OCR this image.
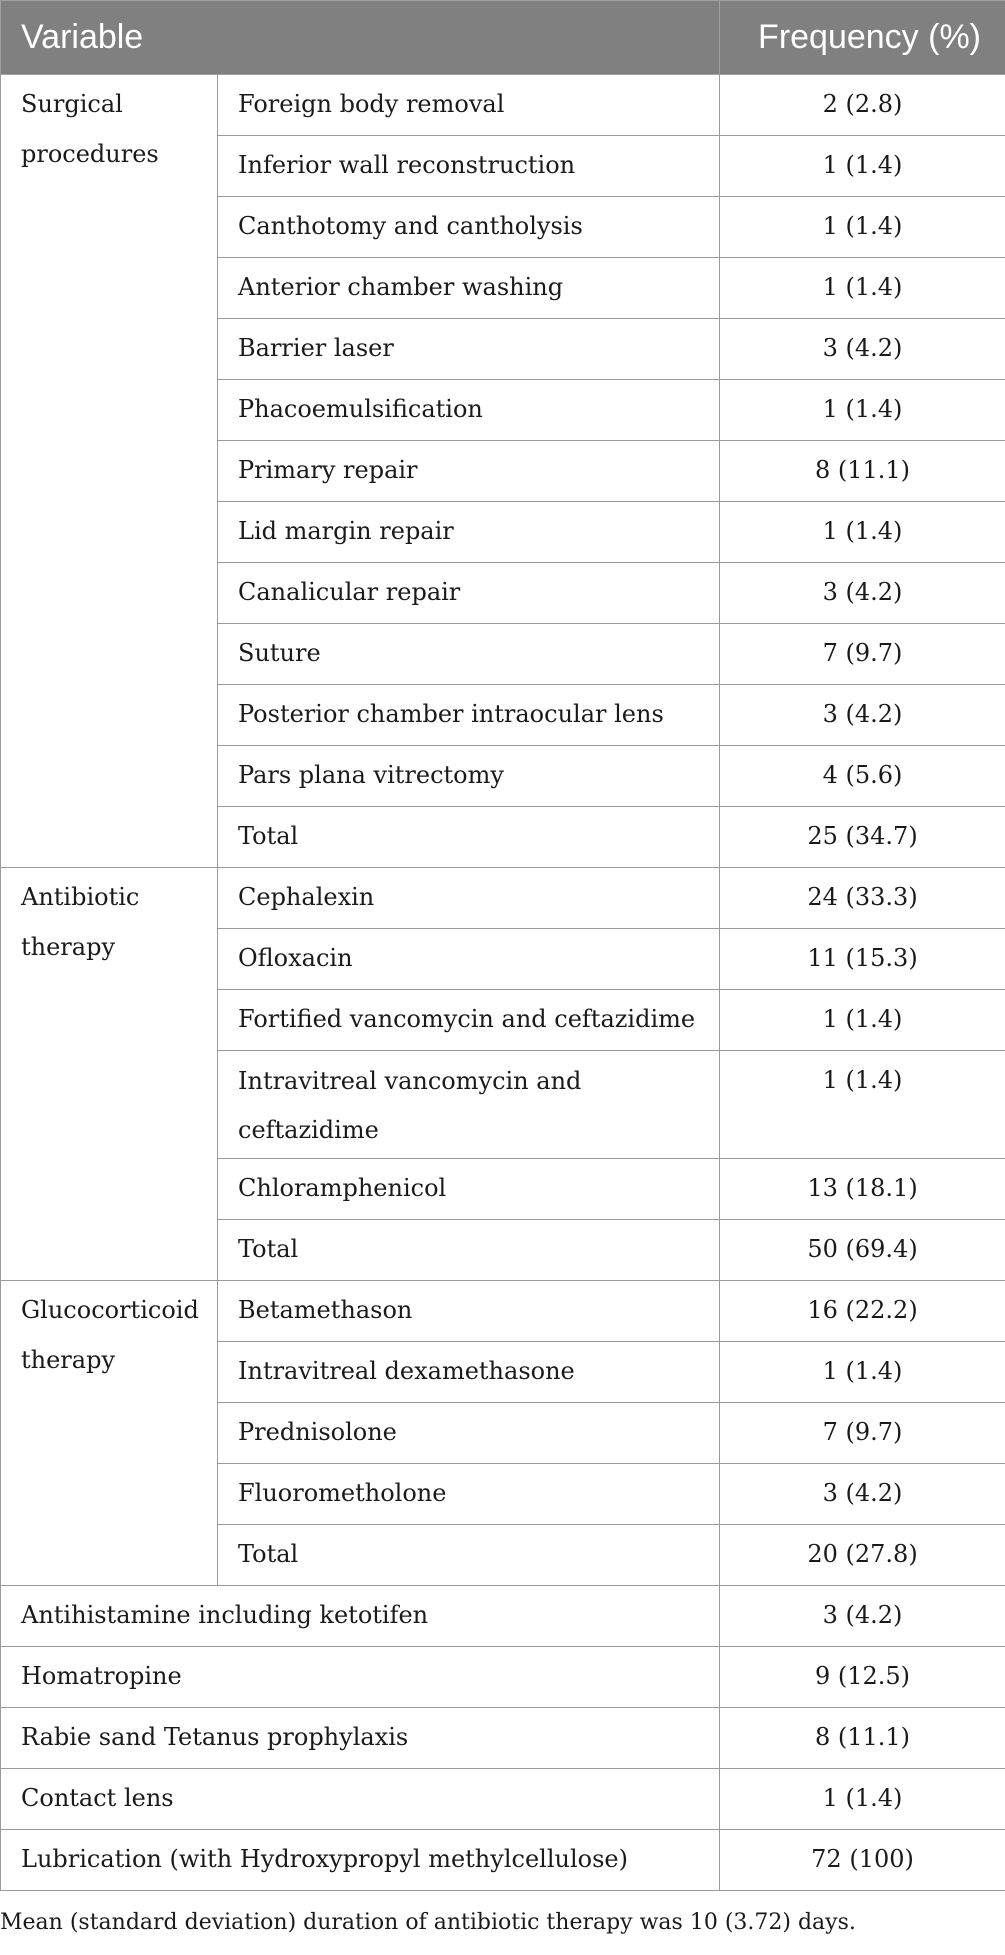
Variable		Frequency (%)
Surgical procedures	Foreign body removal	2 (2.8)
	Inferior wall reconstruction	1 (1.4)
	Canthotomy and cantholysis	1 (1.4)
	Anterior chamber washing	1 (1.4)
	Barrier laser	3 (4.2)
	Phacoemulsification	1 (1.4)
	Primary repair	8 (11.1)
	Lid margin repair	1 (1.4)
	Canalicular repair	3 (4.2)
	Suture	7 (9.7)
	Posterior chamber intraocular lens	3 (4.2)
	Pars plana vitrectomy	4 (5.6)
	Total	25 (34.7)
Antibiotic therapy	Cephalexin	24 (33.3)
	Ofloxacin	11 (15.3)
	Fortified vancomycin and ceftazidime	1 (1.4)
	Intravitreal vancomycin and ceftazidime	1 (1.4)
	Chloramphenicol	13 (18.1)
	Total	50 (69.4)
Glucocorticoid therapy	Betamethason	16 (22.2)
	Intravitreal dexamethasone	1 (1.4)
	Prednisolone	7 (9.7)
	Fluorometholone	3 (4.2)
	Total	20 (27.8)
Antihistamine including ketotifen		3 (4.2)
Homatropine		9 (12.5)
Rabie sand Tetanus prophylaxis		8 (11.1)
Contact lens		1 (1.4)
Lubrication (with Hydroxypropyl methylcellulose)		72 (100)
Mean (standard deviation) duration of antibiotic therapy was 10 (3.72) days.
